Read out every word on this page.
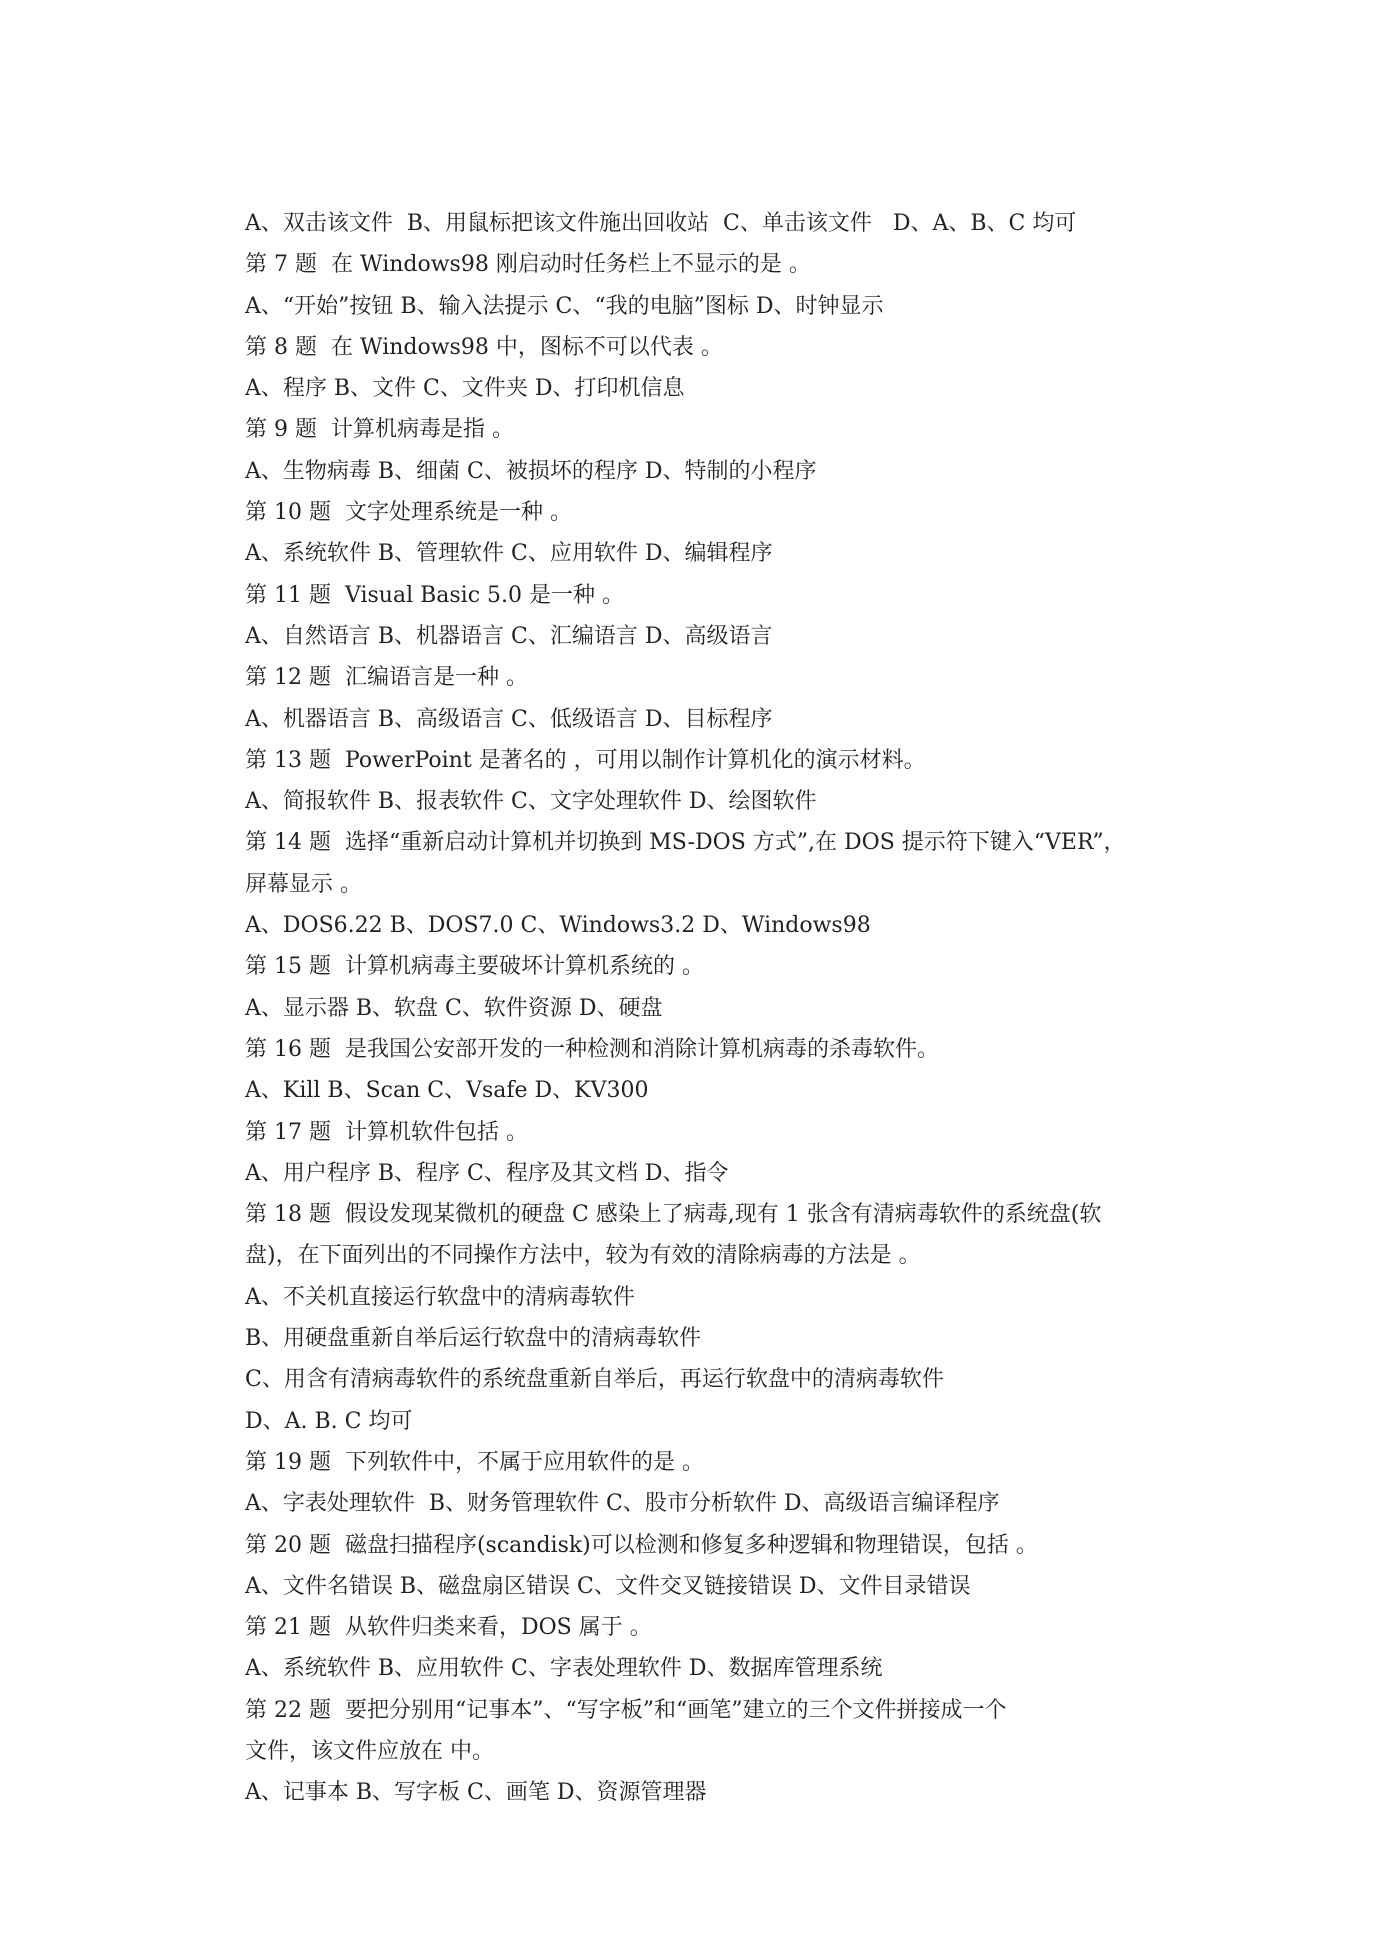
A、双击该文件  B、用鼠标把该文件施出回收站  C、单击该文件   D、A、B、C 均可

第 7 题  在 Windows98 刚启动时任务栏上不显示的是 。

A、“开始”按钮 B、输入法提示 C、“我的电脑”图标 D、时钟显示

第 8 题  在 Windows98 中，图标不可以代表 。

A、程序 B、文件 C、文件夹 D、打印机信息

第 9 题  计算机病毒是指 。

A、生物病毒 B、细菌 C、被损坏的程序 D、特制的小程序

第 10 题  文字处理系统是一种 。

A、系统软件 B、管理软件 C、应用软件 D、编辑程序

第 11 题  Visual Basic 5.0 是一种 。

A、自然语言 B、机器语言 C、汇编语言 D、高级语言

第 12 题  汇编语言是一种 。

A、机器语言 B、高级语言 C、低级语言 D、目标程序

第 13 题  PowerPoint 是著名的 ，可用以制作计算机化的演示材料。

A、简报软件 B、报表软件 C、文字处理软件 D、绘图软件

第 14 题  选择“重新启动计算机并切换到 MS-DOS 方式”,在 DOS 提示符下键入“VER”，

屏幕显示 。

A、DOS6.22 B、DOS7.0 C、Windows3.2 D、Windows98

第 15 题  计算机病毒主要破坏计算机系统的 。

A、显示器 B、软盘 C、软件资源 D、硬盘

第 16 题  是我国公安部开发的一种检测和消除计算机病毒的杀毒软件。

A、Kill B、Scan C、Vsafe D、KV300

第 17 题  计算机软件包括 。

A、用户程序 B、程序 C、程序及其文档 D、指令

第 18 题  假设发现某微机的硬盘 C 感染上了病毒,现有 1 张含有清病毒软件的系统盘(软

盘)，在下面列出的不同操作方法中，较为有效的清除病毒的方法是 。

A、不关机直接运行软盘中的清病毒软件

B、用硬盘重新自举后运行软盘中的清病毒软件

C、用含有清病毒软件的系统盘重新自举后，再运行软盘中的清病毒软件

D、A. B. C 均可

第 19 题  下列软件中，不属于应用软件的是 。

A、字表处理软件  B、财务管理软件 C、股市分析软件 D、高级语言编译程序

第 20 题  磁盘扫描程序(scandisk)可以检测和修复多种逻辑和物理错误，包括 。

A、文件名错误 B、磁盘扇区错误 C、文件交叉链接错误 D、文件目录错误

第 21 题  从软件归类来看，DOS 属于 。

A、系统软件 B、应用软件 C、字表处理软件 D、数据库管理系统

第 22 题  要把分别用“记事本”、“写字板”和“画笔”建立的三个文件拼接成一个

文件，该文件应放在 中。

A、记事本 B、写字板 C、画笔 D、资源管理器
